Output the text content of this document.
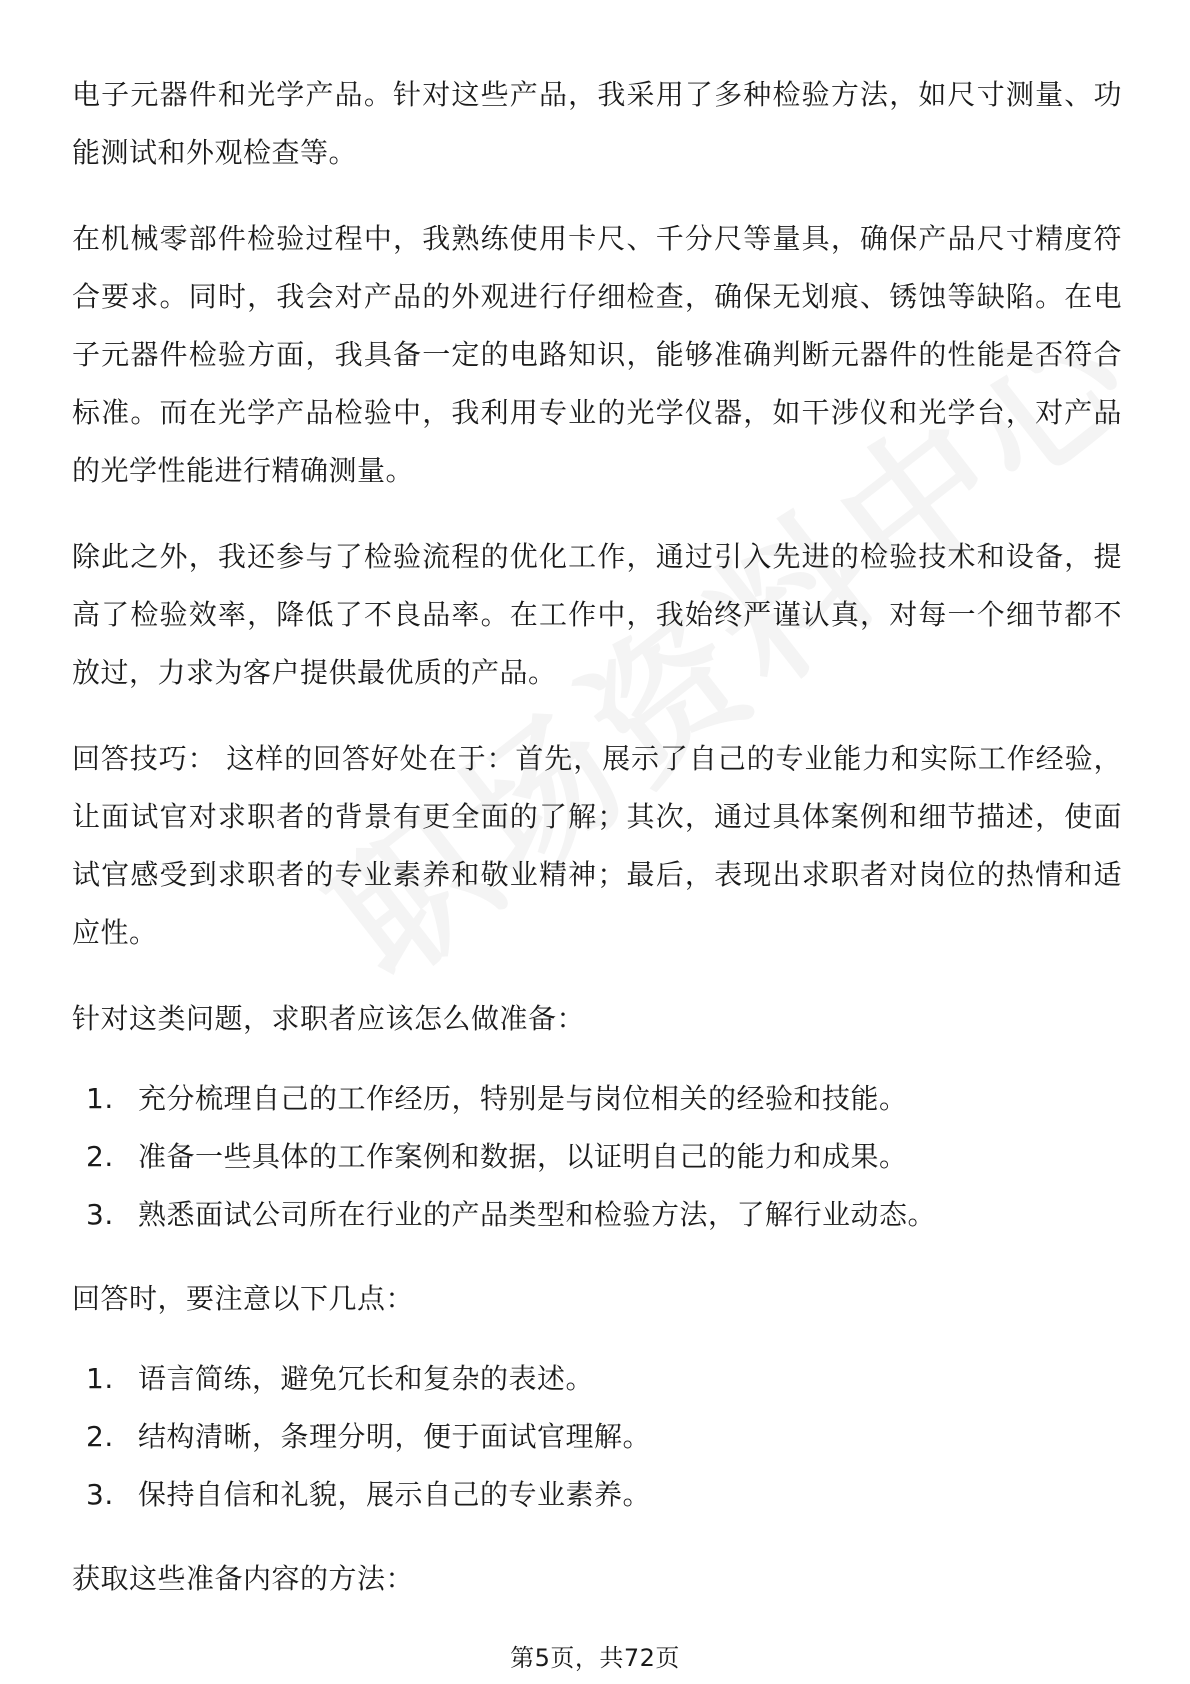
电子元器件和光学产品。针对这些产品，我采用了多种检验方法，如尺寸测量、功能测试和外观检查等。

在机械零部件检验过程中，我熟练使用卡尺、千分尺等量具，确保产品尺寸精度符合要求。同时，我会对产品的外观进行仔细检查，确保无划痕、锈蚀等缺陷。在电子元器件检验方面，我具备一定的电路知识，能够准确判断元器件的性能是否符合标准。而在光学产品检验中，我利用专业的光学仪器，如干涉仪和光学台，对产品的光学性能进行精确测量。

除此之外，我还参与了检验流程的优化工作，通过引入先进的检验技术和设备，提高了检验效率，降低了不良品率。在工作中，我始终严谨认真，对每一个细节都不放过，力求为客户提供最优质的产品。

回答技巧： 这样的回答好处在于：首先，展示了自己的专业能力和实际工作经验，让面试官对求职者的背景有更全面的了解；其次，通过具体案例和细节描述，使面试官感受到求职者的专业素养和敬业精神；最后，表现出求职者对岗位的热情和适应性。

针对这类问题，求职者应该怎么做准备：

1. 充分梳理自己的工作经历，特别是与岗位相关的经验和技能。
2. 准备一些具体的工作案例和数据，以证明自己的能力和成果。
3. 熟悉面试公司所在行业的产品类型和检验方法，了解行业动态。

回答时，要注意以下几点：

1. 语言简练，避免冗长和复杂的表述。
2. 结构清晰，条理分明，便于面试官理解。
3. 保持自信和礼貌，展示自己的专业素养。

获取这些准备内容的方法：

第5页，共72页
